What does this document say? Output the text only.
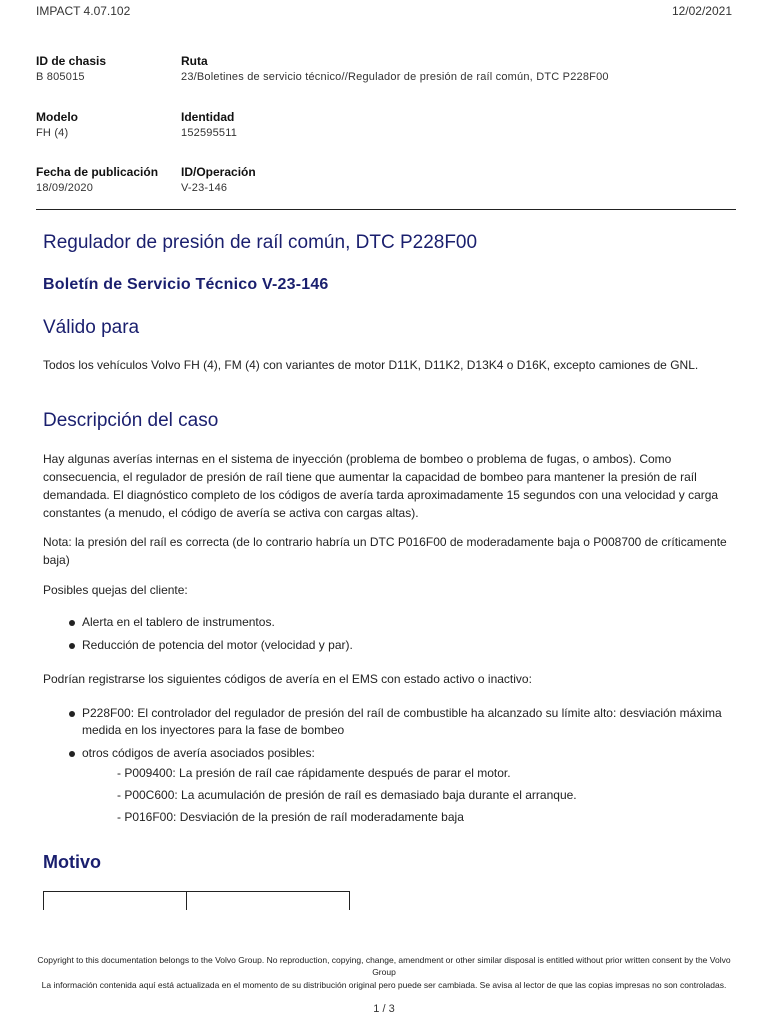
IMPACT 4.07.102	12/02/2021
ID de chasis
B 805015
Ruta
23/Boletines de servicio técnico//Regulador de presión de raíl común, DTC P228F00
Modelo
FH (4)
Identidad
152595511
Fecha de publicación
18/09/2020
ID/Operación
V-23-146
Regulador de presión de raíl común, DTC P228F00
Boletín de Servicio Técnico V-23-146
Válido para

Todos los vehículos Volvo FH (4), FM (4) con variantes de motor D11K, D11K2, D13K4 o D16K, excepto camiones de GNL.

Descripción del caso

Hay algunas averías internas en el sistema de inyección (problema de bombeo o problema de fugas, o ambos). Como consecuencia, el regulador de presión de raíl tiene que aumentar la capacidad de bombeo para mantener la presión de raíl demandada. El diagnóstico completo de los códigos de avería tarda aproximadamente 15 segundos con una velocidad y carga constantes (a menudo, el código de avería se activa con cargas altas).

Nota: la presión del raíl es correcta (de lo contrario habría un DTC P016F00 de moderadamente baja o P008700 de críticamente baja)

Posibles quejas del cliente:

Alerta en el tablero de instrumentos.
Reducción de potencia del motor (velocidad y par).

Podrían registrarse los siguientes códigos de avería en el EMS con estado activo o inactivo:

P228F00: El controlador del regulador de presión del raíl de combustible ha alcanzado su límite alto: desviación máxima medida en los inyectores para la fase de bombeo
otros códigos de avería asociados posibles:
- P009400: La presión de raíl cae rápidamente después de parar el motor.
- P00C600: La acumulación de presión de raíl es demasiado baja durante el arranque.
- P016F00: Desviación de la presión de raíl moderadamente baja
Motivo
Copyright to this documentation belongs to the Volvo Group. No reproduction, copying, change, amendment or other similar disposal is entitled without prior written consent by the Volvo Group
La información contenida aquí está actualizada en el momento de su distribución original pero puede ser cambiada. Se avisa al lector de que las copias impresas no son controladas.
1 / 3
